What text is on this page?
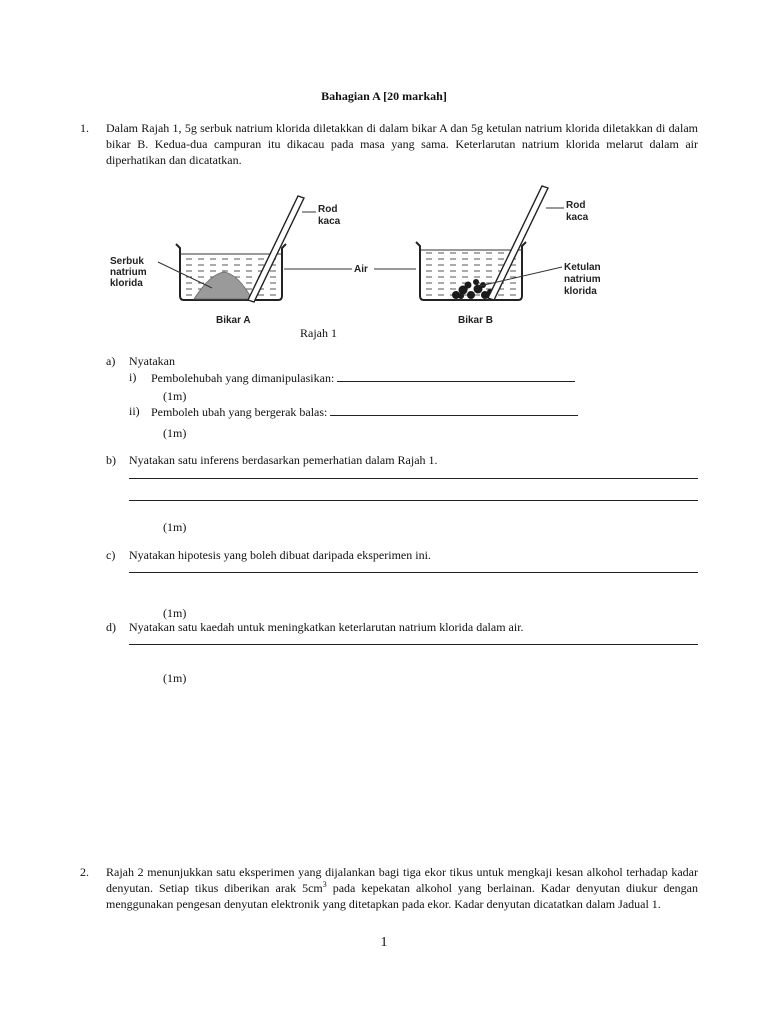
Bahagian A [20 markah]
1. Dalam Rajah 1, 5g serbuk natrium klorida diletakkan di dalam bikar A dan 5g ketulan natrium klorida diletakkan di dalam bikar B. Kedua-dua campuran itu dikacau pada masa yang sama. Keterlarutan natrium klorida melarut dalam air diperhatikan dan dicatatkan.
Serbuk
natrium
klorida
Rod
kaca
Bikar A
Air
Rod
kaca
Ketulan
natrium
klorida
Bikar B
Rajah 1
a) Nyatakan
i) Pembolehubah yang dimanipulasikan:
(1m)
ii) Pemboleh ubah yang bergerak balas:
(1m)
b) Nyatakan satu inferens berdasarkan pemerhatian dalam Rajah 1.
(1m)
c) Nyatakan hipotesis yang boleh dibuat daripada eksperimen ini.
(1m)
d) Nyatakan satu kaedah untuk meningkatkan keterlarutan natrium klorida dalam air.
(1m)
2. Rajah 2 menunjukkan satu eksperimen yang dijalankan bagi tiga ekor tikus untuk mengkaji kesan alkohol terhadap kadar denyutan. Setiap tikus diberikan arak $5cm^3$ pada kepekatan alkohol yang berlainan. Kadar denyutan diukur dengan menggunakan pengesan denyutan elektronik yang ditetapkan pada ekor. Kadar denyutan dicatatkan dalam Jadual 1.
1
